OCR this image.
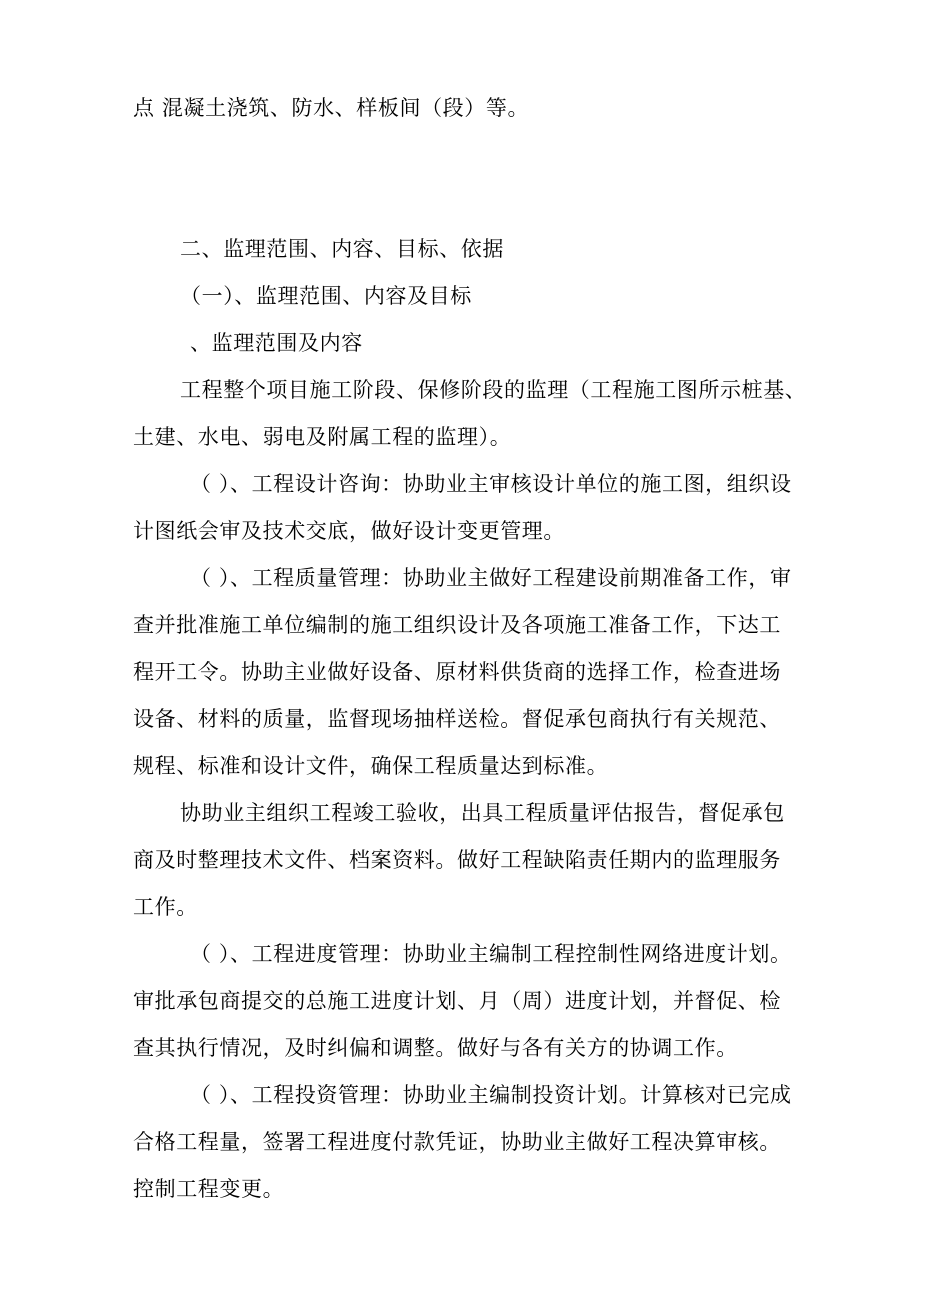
点 混凝土浇筑、防水、样板间（段）等。
二、监理范围、内容、目标、依据
（一）、监理范围、内容及目标
、监理范围及内容
工程整个项目施工阶段、保修阶段的监理（工程施工图所示桩基、
土建、水电、弱电及附属工程的监理）。
（ ）、工程设计咨询：协助业主审核设计单位的施工图，组织设
计图纸会审及技术交底，做好设计变更管理。
（ ）、工程质量管理：协助业主做好工程建设前期准备工作，审
查并批准施工单位编制的施工组织设计及各项施工准备工作，下达工
程开工令。协助主业做好设备、原材料供货商的选择工作，检查进场
设备、材料的质量，监督现场抽样送检。督促承包商执行有关规范、
规程、标准和设计文件，确保工程质量达到标准。
协助业主组织工程竣工验收，出具工程质量评估报告，督促承包
商及时整理技术文件、档案资料。做好工程缺陷责任期内的监理服务
工作。
（ ）、工程进度管理：协助业主编制工程控制性网络进度计划。
审批承包商提交的总施工进度计划、月（周）进度计划，并督促、检
查其执行情况，及时纠偏和调整。做好与各有关方的协调工作。
（ ）、工程投资管理：协助业主编制投资计划。计算核对已完成
合格工程量，签署工程进度付款凭证，协助业主做好工程决算审核。
控制工程变更。
